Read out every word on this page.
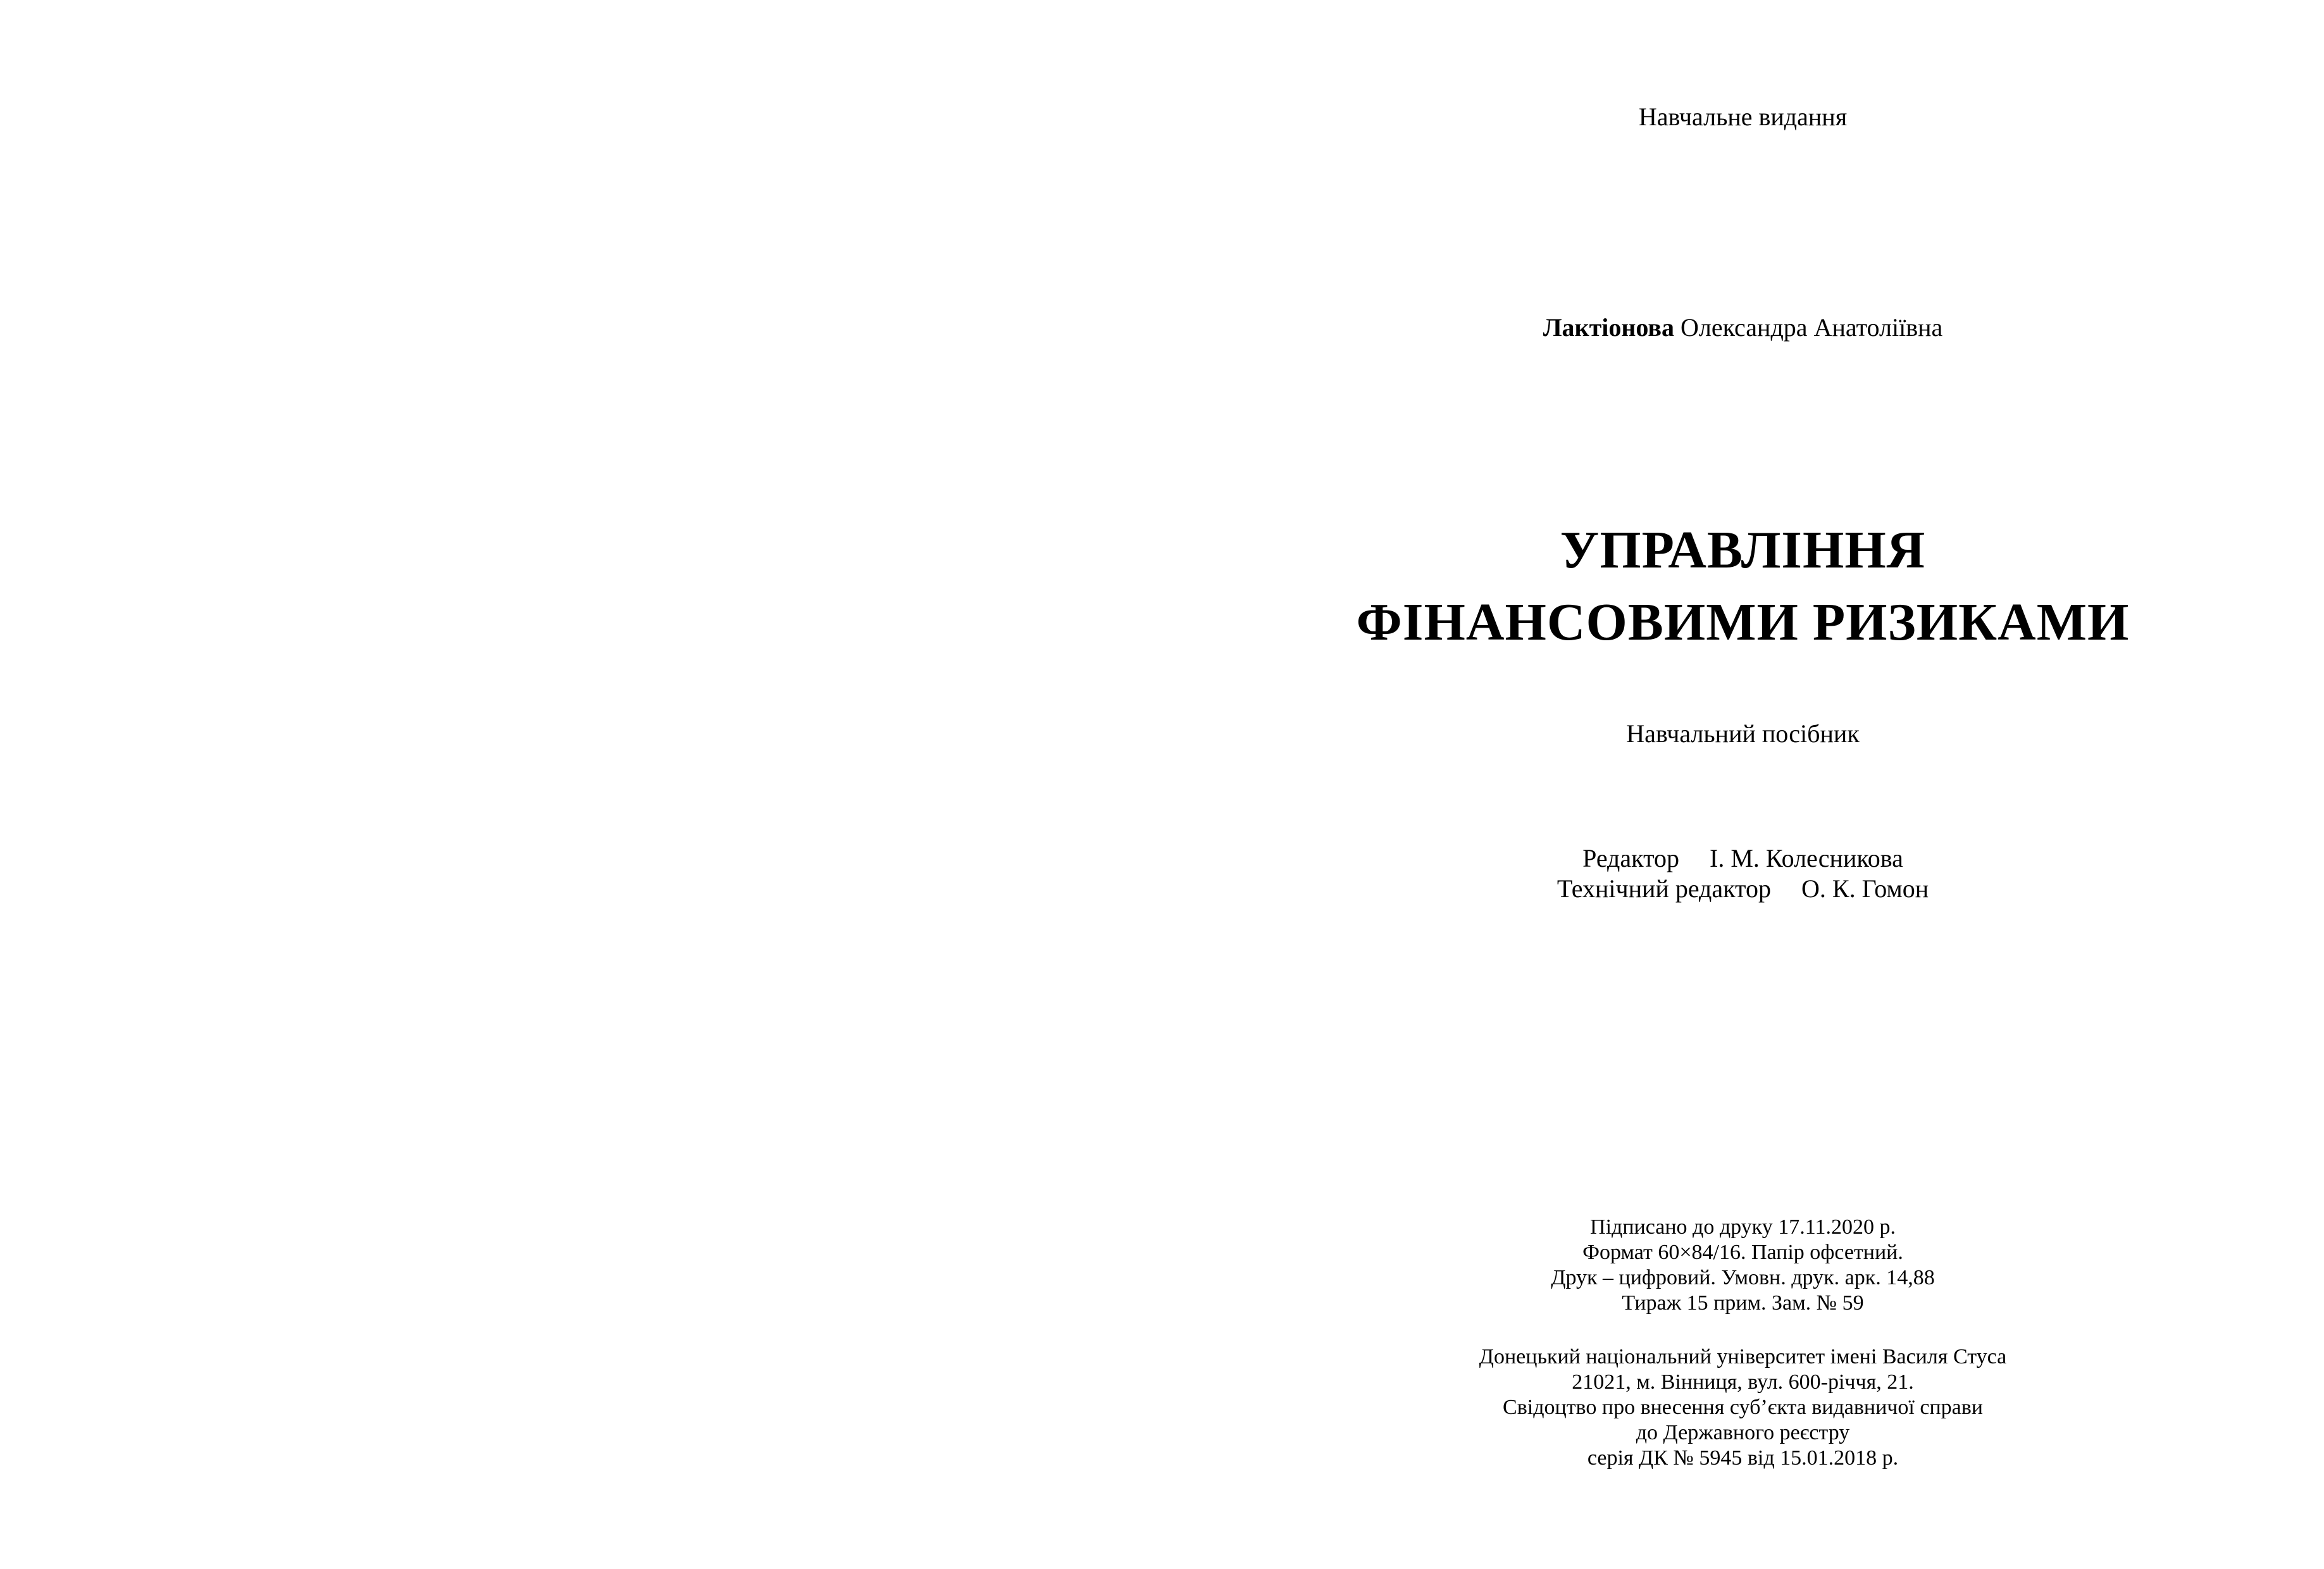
Навчальне видання
Лактіонова Олександра Анатоліївна
УПРАВЛІННЯ
ФІНАНСОВИМИ РИЗИКАМИ
Навчальний посібник
Редактор І. М. Колесникова
Технічний редактор О. К. Гомон
Підписано до друку 17.11.2020 р.
Формат 60×84/16. Папір офсетний.
Друк – цифровий. Умовн. друк. арк. 14,88
Тираж 15 прим. Зам. № 59
Донецький національний університет імені Василя Стуса
21021, м. Вінниця, вул. 600-річчя, 21.
Свідоцтво про внесення суб’єкта видавничої справи
до Державного реєстру
серія ДК № 5945 від 15.01.2018 р.
